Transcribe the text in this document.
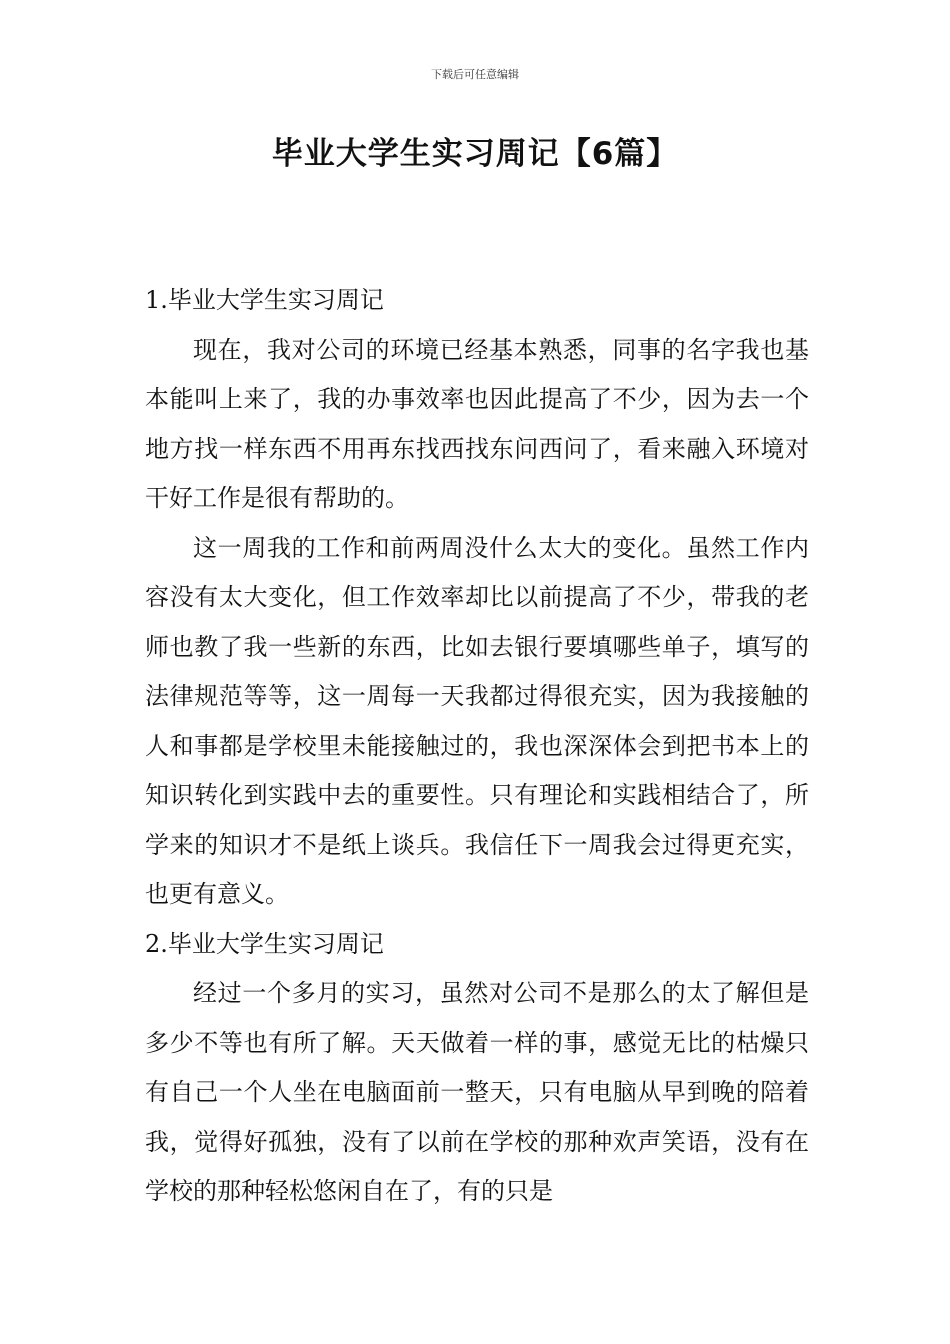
下载后可任意编辑
毕业大学生实习周记【6篇】
1.毕业大学生实习周记

现在，我对公司的环境已经基本熟悉，同事的名字我也基本能叫上来了，我的办事效率也因此提高了不少，因为去一个地方找一样东西不用再东找西找东问西问了，看来融入环境对干好工作是很有帮助的。

这一周我的工作和前两周没什么太大的变化。虽然工作内容没有太大变化，但工作效率却比以前提高了不少，带我的老师也教了我一些新的东西，比如去银行要填哪些单子，填写的法律规范等等，这一周每一天我都过得很充实，因为我接触的人和事都是学校里未能接触过的，我也深深体会到把书本上的知识转化到实践中去的重要性。只有理论和实践相结合了，所学来的知识才不是纸上谈兵。我信任下一周我会过得更充实，也更有意义。

2.毕业大学生实习周记

经过一个多月的实习，虽然对公司不是那么的太了解但是多少不等也有所了解。天天做着一样的事，感觉无比的枯燥只有自己一个人坐在电脑面前一整天，只有电脑从早到晚的陪着我，觉得好孤独，没有了以前在学校的那种欢声笑语，没有在学校的那种轻松悠闲自在了，有的只是
